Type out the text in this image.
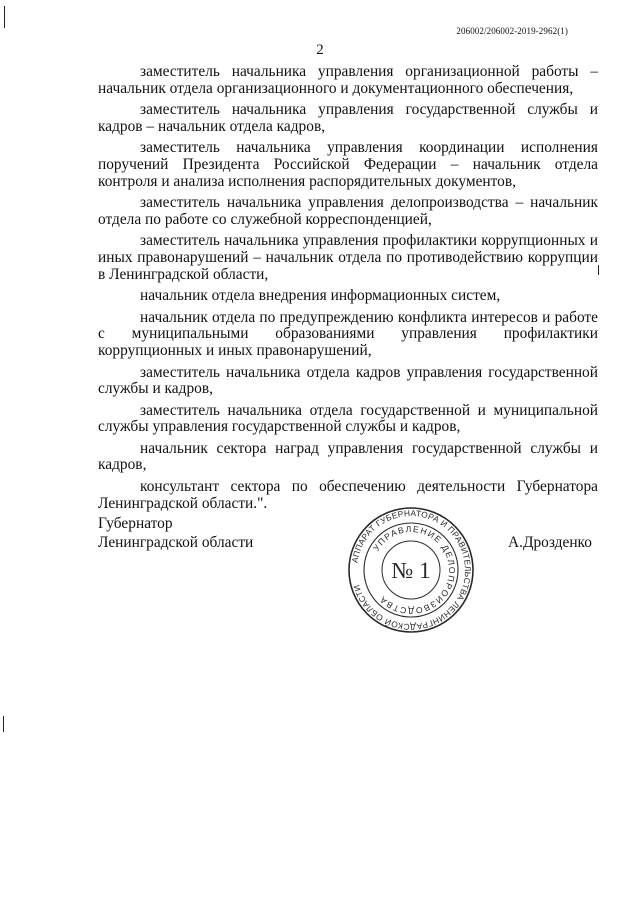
206002/206002-2019-2962(1)
2

заместитель начальника управления организационной работы – начальник отдела организационного и документационного обеспечения,

заместитель начальника управления государственной службы и кадров – начальник отдела кадров,

заместитель начальника управления координации исполнения поручений Президента Российской Федерации – начальник отдела контроля и анализа исполнения распорядительных документов,

заместитель начальника управления делопроизводства – начальник отдела по работе со служебной корреспонденцией,

заместитель начальника управления профилактики коррупционных и иных правонарушений – начальник отдела по противодействию коррупции в Ленинградской области,

начальник отдела внедрения информационных систем,

начальник отдела по предупреждению конфликта интересов и работе с муниципальными образованиями управления профилактики коррупционных и иных правонарушений,

заместитель начальника отдела кадров управления государственной службы и кадров,

заместитель начальника отдела государственной и муниципальной службы управления государственной службы и кадров,

начальник сектора наград управления государственной службы и кадров,

консультант сектора по обеспечению деятельности Губернатора Ленинградской области.".

Губернатор
Ленинградской области
АППАРАТ ГУБЕРНАТОРА И ПРАВИТЕЛЬСТВА ЛЕНИНГРАДСКОЙ ОБЛАСТИ
УПРАВЛЕНИЕ ДЕЛОПРОИЗВОДСТВА
№ 1
А.Дрозденко
